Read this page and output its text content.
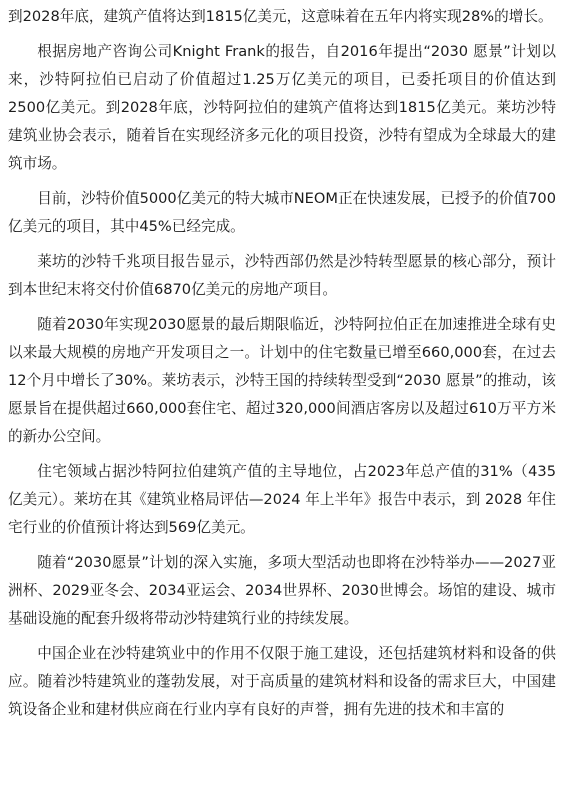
到2028年底，建筑产值将达到1815亿美元，这意味着在五年内将实现28%的增长。

根据房地产咨询公司Knight Frank的报告，自2016年提出“2030 愿景”计划以来，沙特阿拉伯已启动了价值超过1.25万亿美元的项目，已委托项目的价值达到2500亿美元。到2028年底，沙特阿拉伯的建筑产值将达到1815亿美元。莱坊沙特建筑业协会表示，随着旨在实现经济多元化的项目投资，沙特有望成为全球最大的建筑市场。

目前，沙特价值5000亿美元的特大城市NEOM正在快速发展，已授予的价值700亿美元的项目，其中45%已经完成。

莱坊的沙特千兆项目报告显示，沙特西部仍然是沙特转型愿景的核心部分，预计到本世纪末将交付价值6870亿美元的房地产项目。

随着2030年实现2030愿景的最后期限临近，沙特阿拉伯正在加速推进全球有史以来最大规模的房地产开发项目之一。计划中的住宅数量已增至660,000套，在过去12个月中增长了30%。莱坊表示，沙特王国的持续转型受到“2030 愿景”的推动，该愿景旨在提供超过660,000套住宅、超过320,000间酒店客房以及超过610万平方米的新办公空间。

住宅领域占据沙特阿拉伯建筑产值的主导地位，占2023年总产值的31%（435亿美元）。莱坊在其《建筑业格局评估—2024 年上半年》报告中表示，到 2028 年住宅行业的价值预计将达到569亿美元。

随着“2030愿景”计划的深入实施，多项大型活动也即将在沙特举办——2027亚洲杯、2029亚冬会、2034亚运会、2034世界杯、2030世博会。场馆的建设、城市基础设施的配套升级将带动沙特建筑行业的持续发展。

中国企业在沙特建筑业中的作用不仅限于施工建设，还包括建筑材料和设备的供应。随着沙特建筑业的蓬勃发展，对于高质量的建筑材料和设备的需求巨大，中国建筑设备企业和建材供应商在行业内享有良好的声誉，拥有先进的技术和丰富的
